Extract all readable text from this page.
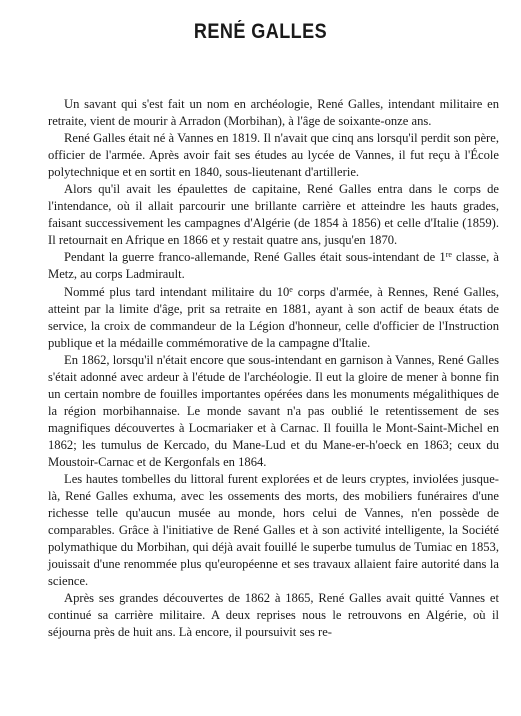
RENÉ GALLES

Un savant qui s'est fait un nom en archéologie, René Galles, intendant militaire en retraite, vient de mourir à Arradon (Morbihan), à l'âge de soixante-onze ans.

René Galles était né à Vannes en 1819. Il n'avait que cinq ans lorsqu'il perdit son père, officier de l'armée. Après avoir fait ses études au lycée de Vannes, il fut reçu à l'École polytechnique et en sortit en 1840, sous-lieutenant d'artillerie.

Alors qu'il avait les épaulettes de capitaine, René Galles entra dans le corps de l'intendance, où il allait parcourir une brillante carrière et atteindre les hauts grades, faisant successivement les campagnes d'Algérie (de 1854 à 1856) et celle d'Italie (1859). Il retournait en Afrique en 1866 et y restait quatre ans, jusqu'en 1870.

Pendant la guerre franco-allemande, René Galles était sous-intendant de 1re classe, à Metz, au corps Ladmirault.

Nommé plus tard intendant militaire du 10e corps d'armée, à Rennes, René Galles, atteint par la limite d'âge, prit sa retraite en 1881, ayant à son actif de beaux états de service, la croix de commandeur de la Légion d'honneur, celle d'officier de l'Instruction publique et la médaille commémorative de la campagne d'Italie.

En 1862, lorsqu'il n'était encore que sous-intendant en garnison à Vannes, René Galles s'était adonné avec ardeur à l'étude de l'archéologie. Il eut la gloire de mener à bonne fin un certain nombre de fouilles importantes opérées dans les monuments mégalithiques de la région morbihannaise. Le monde savant n'a pas oublié le retentissement de ses magnifiques découvertes à Locmariaker et à Carnac. Il fouilla le Mont-Saint-Michel en 1862; les tumulus de Kercado, du Mane-Lud et du Mane-er-h'oeck en 1863; ceux du Moustoir-Carnac et de Kergonfals en 1864.

Les hautes tombelles du littoral furent explorées et de leurs cryptes, inviolées jusque-là, René Galles exhuma, avec les ossements des morts, des mobiliers funéraires d'une richesse telle qu'aucun musée au monde, hors celui de Vannes, n'en possède de comparables. Grâce à l'initiative de René Galles et à son activité intelligente, la Société polymathique du Morbihan, qui déjà avait fouillé le superbe tumulus de Tumiac en 1853, jouissait d'une renommée plus qu'européenne et ses travaux allaient faire autorité dans la science.

Après ses grandes découvertes de 1862 à 1865, René Galles avait quitté Vannes et continué sa carrière militaire. A deux reprises nous le retrouvons en Algérie, où il séjourna près de huit ans. Là encore, il poursuivit ses re-
